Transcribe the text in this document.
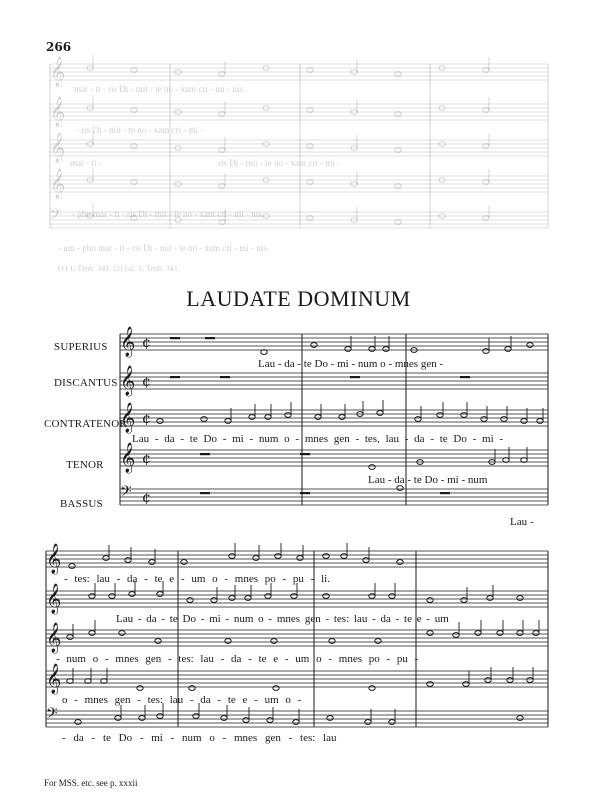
𝄞
𝄞
𝄞
𝄞
𝄢
𝄞 ¢
𝄞 ¢
𝄞 ¢
𝄞 ¢
𝄢 ¢
𝄞
𝄞
𝄞
𝄞
𝄢
266
mar - ti - ris Di - mit - te no - xam cri - mi - nis.
- ris Di - mit - te no - xam cri - mi -
mar - ti -	ris Di - mit - te no - xam cri - mi -
- pho mar - ti - ris Di - mit - te no - xam cri - mi - nis.
- um - pho mar - ti - ris Di - mit - te no - xam cri - mi - nis.
(1) 1; Tenb. 341. (2) cal. 1; Tenb. 341.
LAUDATE DOMINUM
SUPERIUS
DISCANTUS
CONTRATENOR
TENOR
BASSUS
Lau - da - te Do - mi - num o - mnes gen -
Lau - da - te Do - mi - num o - mnes gen - tes, lau - da - te Do - mi -
Lau - da - te Do - mi - num
Lau -
- tes: lau - da - te e - um o - mnes po - pu - li.
Lau - da - te Do - mi - num o - mnes gen - tes: lau - da - te e - um
- num o - mnes gen - tes: lau - da - te e - um o - mnes po - pu -
o - mnes gen - tes: lau - da - te e - um o -
- da - te Do - mi - num o - mnes gen - tes: lau
For MSS. etc. see p. xxxii
